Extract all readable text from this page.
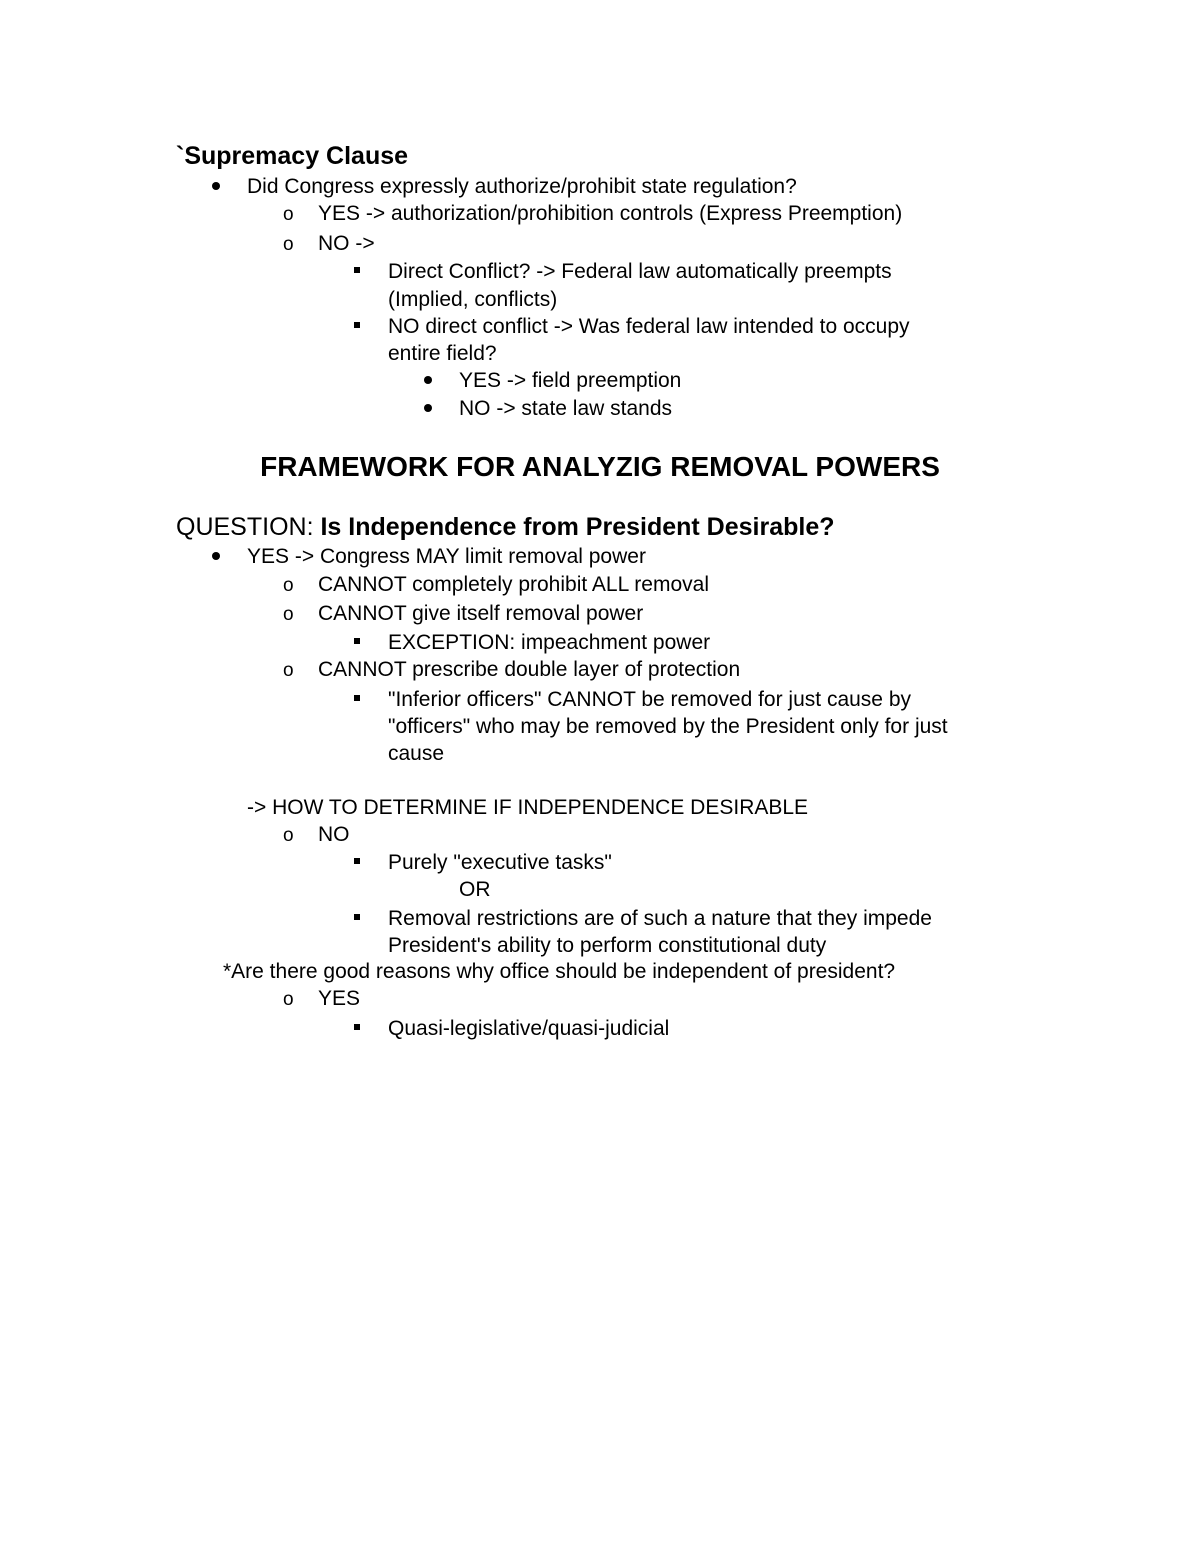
`Supremacy Clause
Did Congress expressly authorize/prohibit state regulation?
o YES -> authorization/prohibition controls (Express Preemption)
o NO ->
Direct Conflict? -> Federal law automatically preempts
(Implied, conflicts)
NO direct conflict -> Was federal law intended to occupy
entire field?
YES -> field preemption
NO -> state law stands
FRAMEWORK FOR ANALYZIG REMOVAL POWERS
QUESTION: Is Independence from President Desirable?
YES -> Congress MAY limit removal power
o CANNOT completely prohibit ALL removal
o CANNOT give itself removal power
EXCEPTION: impeachment power
o CANNOT prescribe double layer of protection
"Inferior officers" CANNOT be removed for just cause by
"officers" who may be removed by the President only for just
cause
-> HOW TO DETERMINE IF INDEPENDENCE DESIRABLE
o NO
Purely "executive tasks"
OR
Removal restrictions are of such a nature that they impede
President's ability to perform constitutional duty
*Are there good reasons why office should be independent of president?
o YES
Quasi-legislative/quasi-judicial
